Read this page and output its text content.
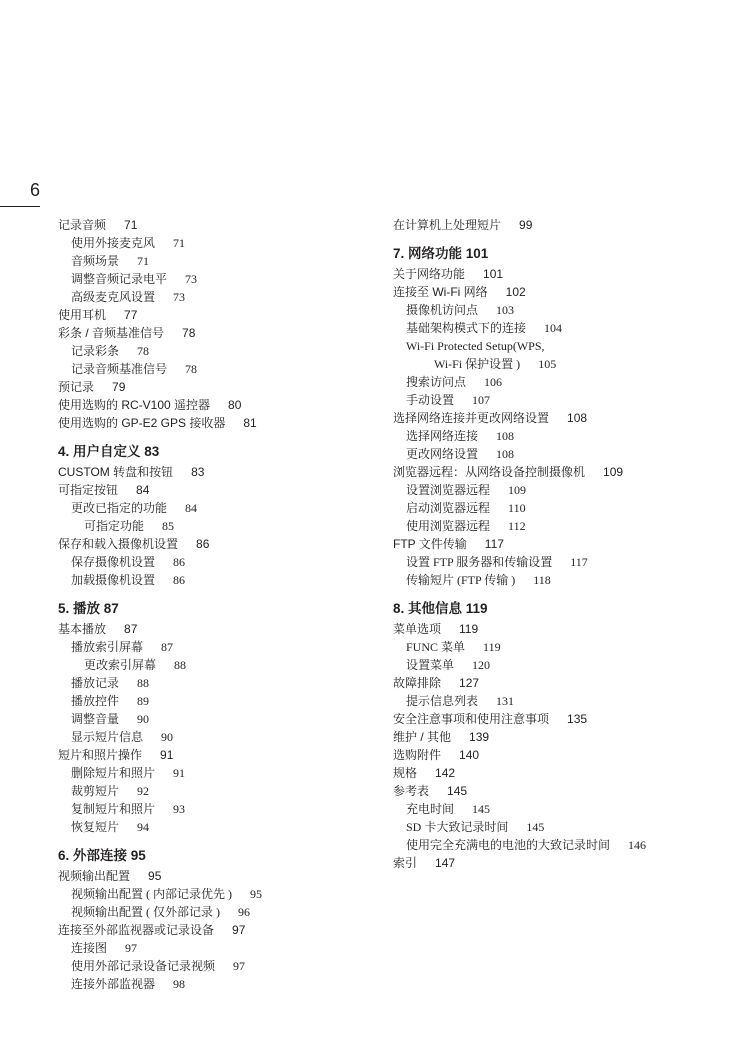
6
记录音频 71
使用外接麦克风 71
音频场景 71
调整音频记录电平 73
高级麦克风设置 73
使用耳机 77
彩条 / 音频基准信号 78
记录彩条 78
记录音频基准信号 78
预记录 79
使用选购的 RC-V100 遥控器 80
使用选购的 GP-E2 GPS 接收器 81
4. 用户自定义 83
CUSTOM 转盘和按钮 83
可指定按钮 84
更改已指定的功能 84
可指定功能 85
保存和载入摄像机设置 86
保存摄像机设置 86
加载摄像机设置 86
5. 播放 87
基本播放 87
播放索引屏幕 87
更改索引屏幕 88
播放记录 88
播放控件 89
调整音量 90
显示短片信息 90
短片和照片操作 91
删除短片和照片 91
裁剪短片 92
复制短片和照片 93
恢复短片 94
6. 外部连接 95
视频输出配置 95
视频输出配置 ( 内部记录优先 ) 95
视频输出配置 ( 仅外部记录 ) 96
连接至外部监视器或记录设备 97
连接图 97
使用外部记录设备记录视频 97
连接外部监视器 98
在计算机上处理短片 99
7. 网络功能 101
关于网络功能 101
连接至 Wi-Fi 网络 102
摄像机访问点 103
基础架构模式下的连接 104
Wi-Fi Protected Setup(WPS,
Wi-Fi 保护设置 ) 105
搜索访问点 106
手动设置 107
选择网络连接并更改网络设置 108
选择网络连接 108
更改网络设置 108
浏览器远程：从网络设备控制摄像机 109
设置浏览器远程 109
启动浏览器远程 110
使用浏览器远程 112
FTP 文件传输 117
设置 FTP 服务器和传输设置 117
传输短片 (FTP 传输 ) 118
8. 其他信息 119
菜单选项 119
FUNC 菜单 119
设置菜单 120
故障排除 127
提示信息列表 131
安全注意事项和使用注意事项 135
维护 / 其他 139
选购附件 140
规格 142
参考表 145
充电时间 145
SD 卡大致记录时间 145
使用完全充满电的电池的大致记录时间 146
索引 147
